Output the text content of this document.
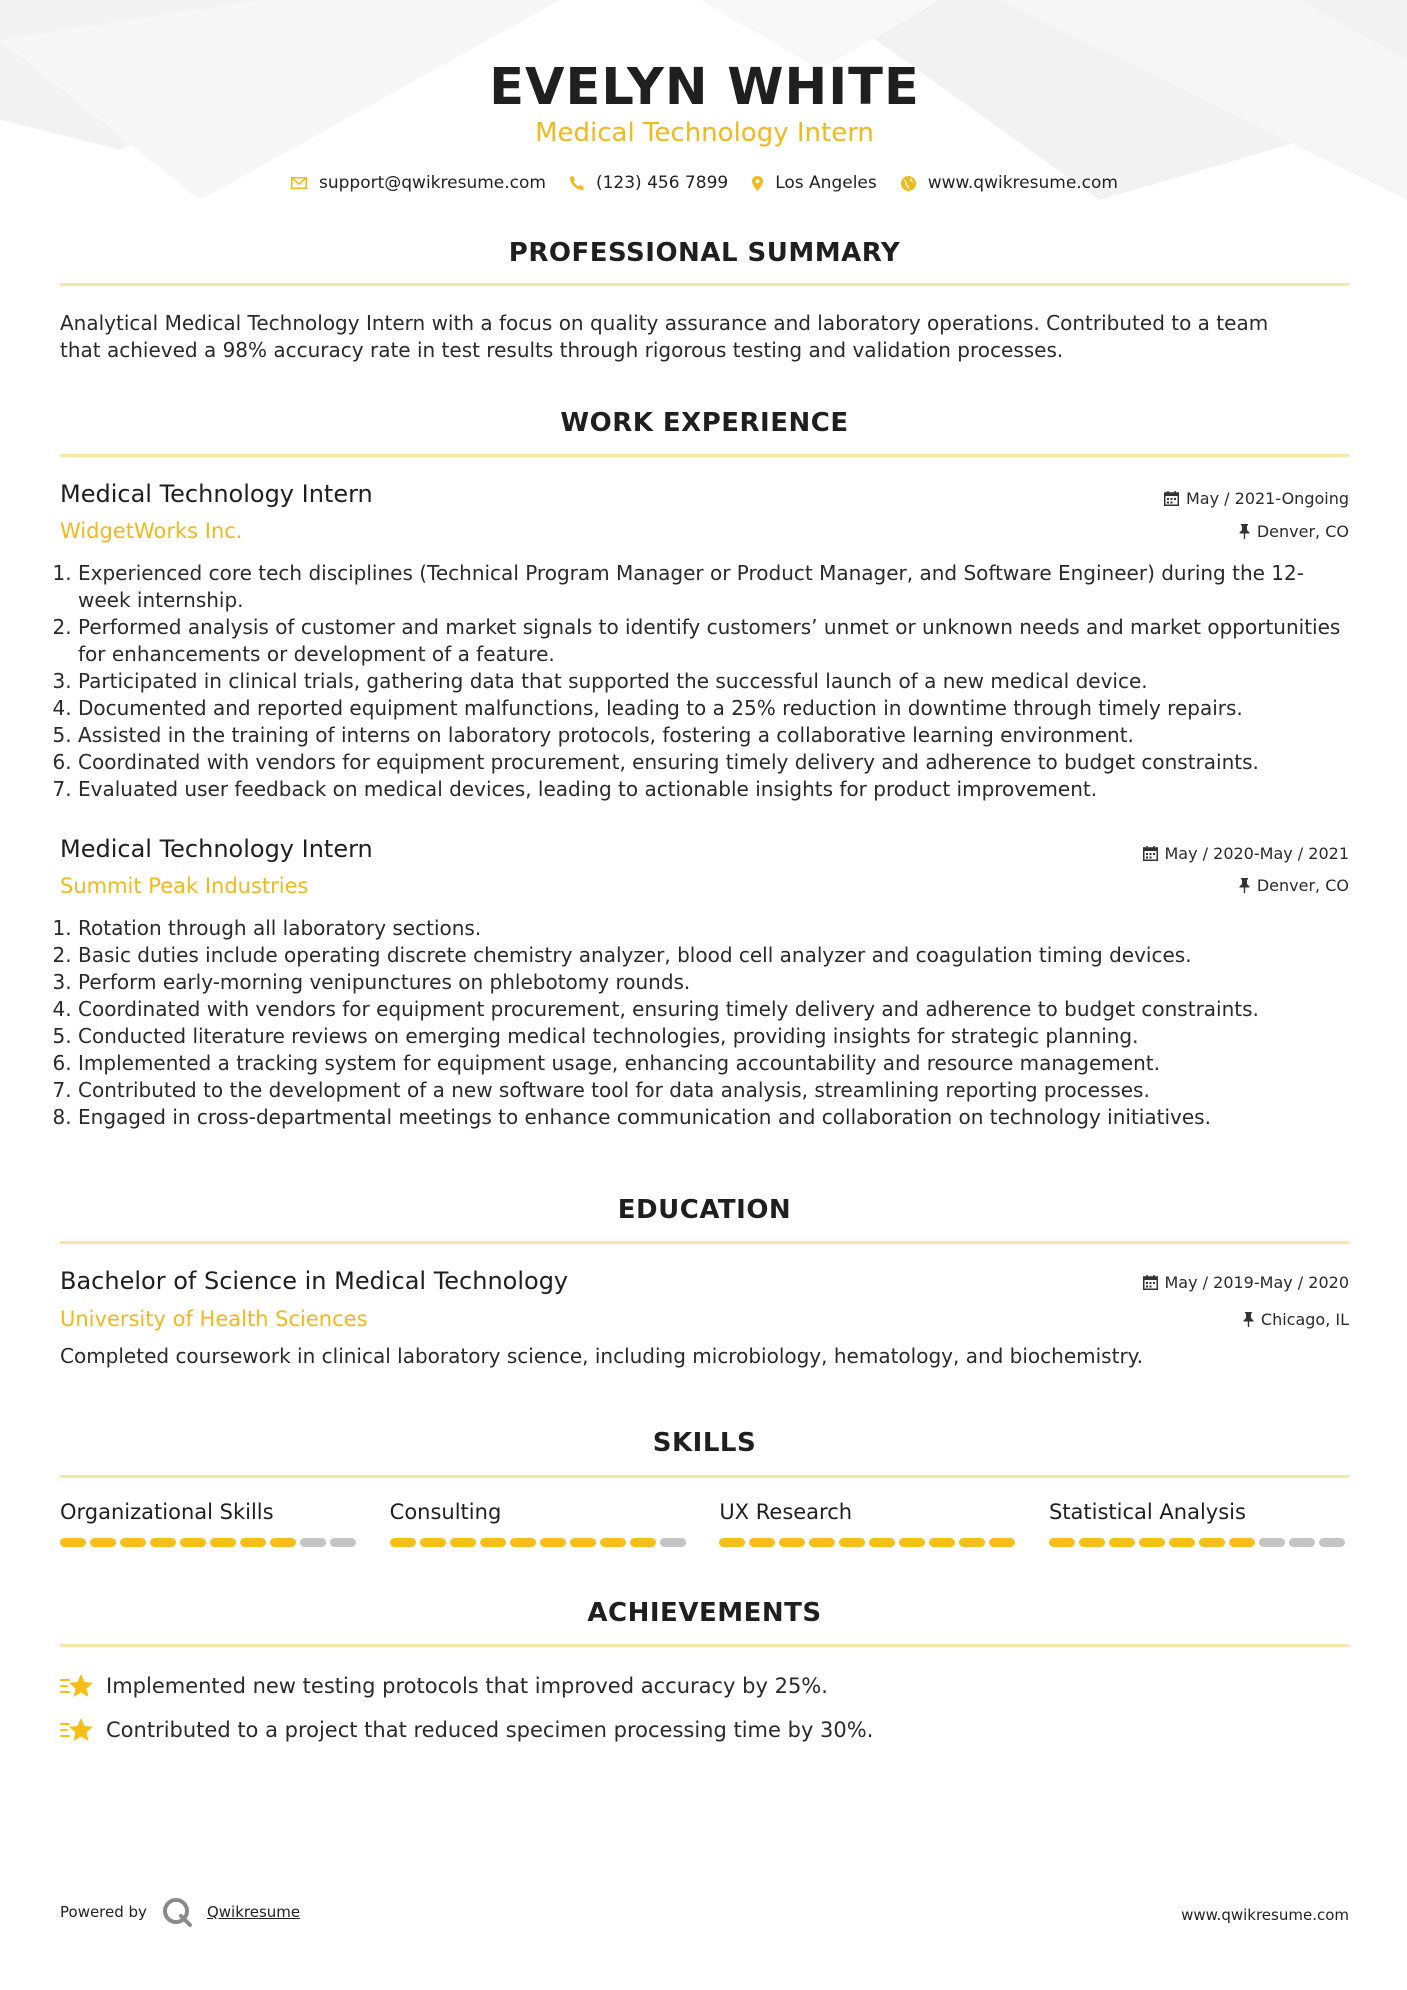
EVELYN WHITE
Medical Technology Intern
support@qwikresume.com	(123) 456 7899	Los Angeles	www.qwikresume.com
PROFESSIONAL SUMMARY
Analytical Medical Technology Intern with a focus on quality assurance and laboratory operations. Contributed to a team
that achieved a 98% accuracy rate in test results through rigorous testing and validation processes.
WORK EXPERIENCE
Medical Technology Intern	May / 2021-Ongoing
WidgetWorks Inc.	Denver, CO
1. Experienced core tech disciplines (Technical Program Manager or Product Manager, and Software Engineer) during the 12-week internship.
2. Performed analysis of customer and market signals to identify customers’ unmet or unknown needs and market opportunities for enhancements or development of a feature.
3. Participated in clinical trials, gathering data that supported the successful launch of a new medical device.
4. Documented and reported equipment malfunctions, leading to a 25% reduction in downtime through timely repairs.
5. Assisted in the training of interns on laboratory protocols, fostering a collaborative learning environment.
6. Coordinated with vendors for equipment procurement, ensuring timely delivery and adherence to budget constraints.
7. Evaluated user feedback on medical devices, leading to actionable insights for product improvement.
Medical Technology Intern	May / 2020-May / 2021
Summit Peak Industries	Denver, CO
1. Rotation through all laboratory sections.
2. Basic duties include operating discrete chemistry analyzer, blood cell analyzer and coagulation timing devices.
3. Perform early-morning venipunctures on phlebotomy rounds.
4. Coordinated with vendors for equipment procurement, ensuring timely delivery and adherence to budget constraints.
5. Conducted literature reviews on emerging medical technologies, providing insights for strategic planning.
6. Implemented a tracking system for equipment usage, enhancing accountability and resource management.
7. Contributed to the development of a new software tool for data analysis, streamlining reporting processes.
8. Engaged in cross-departmental meetings to enhance communication and collaboration on technology initiatives.
EDUCATION
Bachelor of Science in Medical Technology	May / 2019-May / 2020
University of Health Sciences	Chicago, IL
Completed coursework in clinical laboratory science, including microbiology, hematology, and biochemistry.
SKILLS
Organizational Skills	Consulting	UX Research	Statistical Analysis
ACHIEVEMENTS
Implemented new testing protocols that improved accuracy by 25%.
Contributed to a project that reduced specimen processing time by 30%.
Powered by	Qwikresume	www.qwikresume.com
